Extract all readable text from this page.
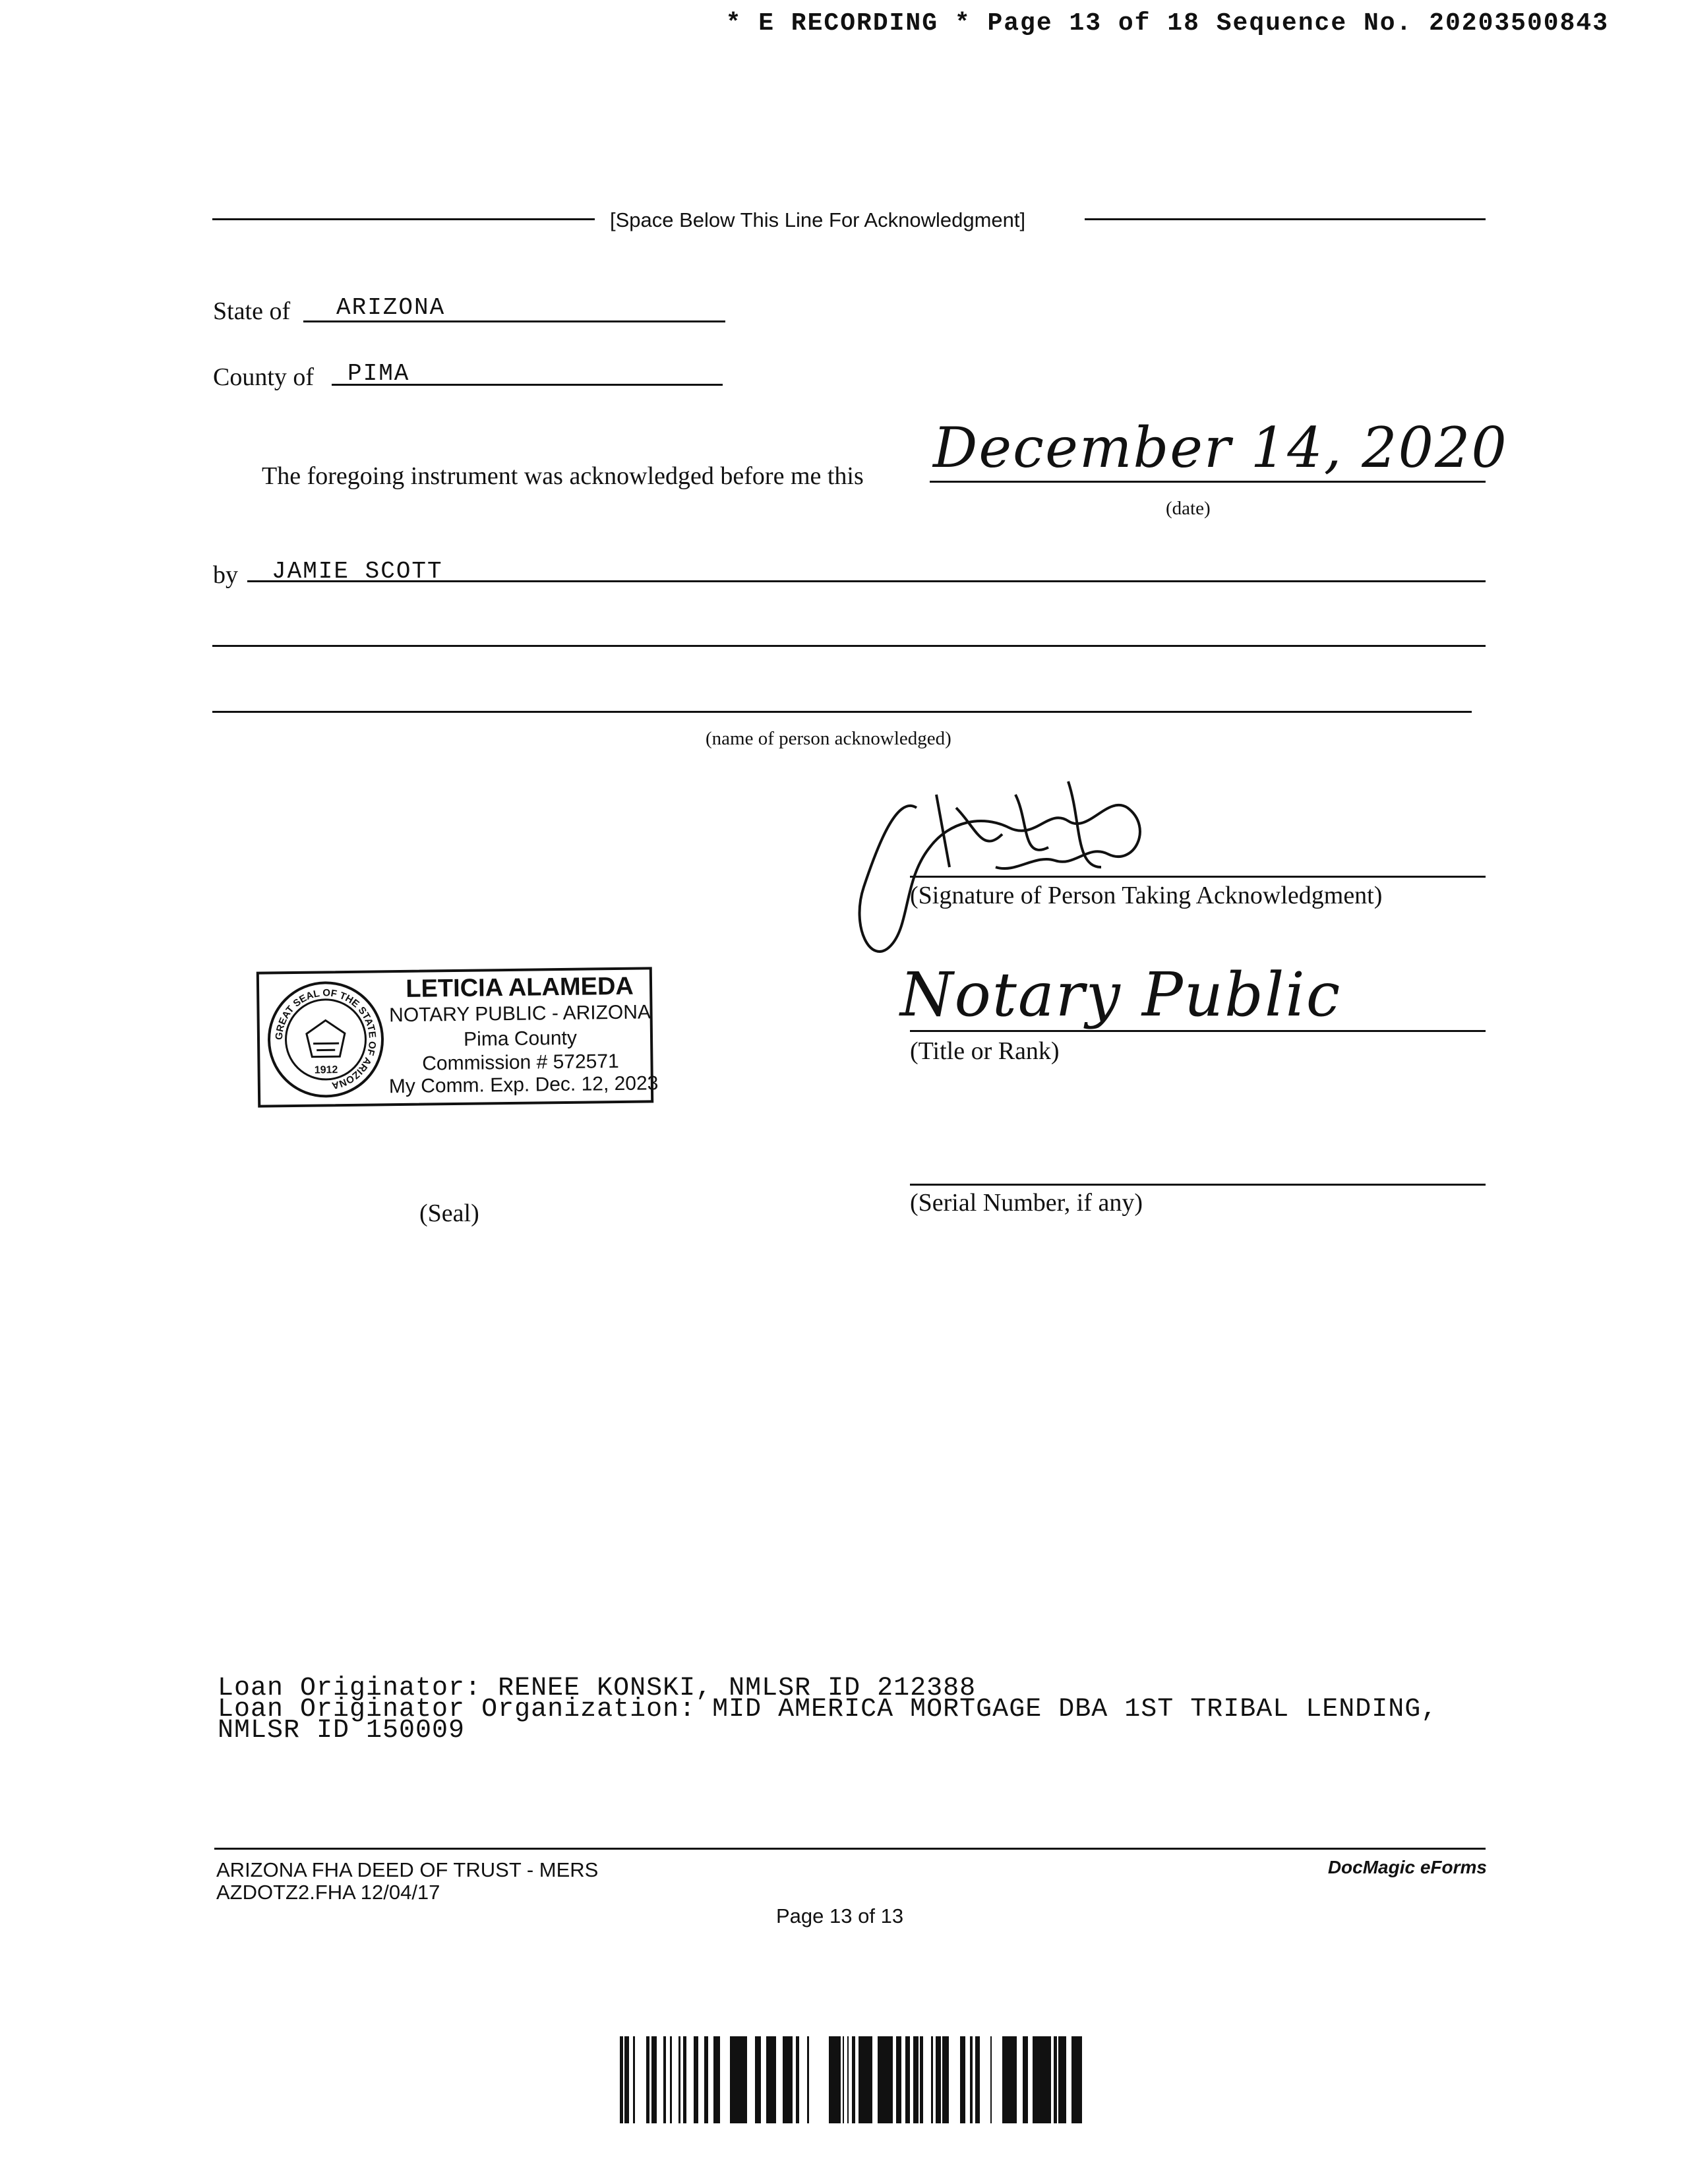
* E RECORDING * Page 13 of 18 Sequence No. 20203500843
[Space Below This Line For Acknowledgment]
State of ARIZONA
County of PIMA
The foregoing instrument was acknowledged before me this December 14, 2020
(date)
by JAMIE SCOTT
(name of person acknowledged)
(Signature of Person Taking Acknowledgment)
Notary Public
(Title or Rank)
GREAT SEAL OF THE STATE OF ARIZONA
1912
LETICIA ALAMEDA
NOTARY PUBLIC - ARIZONA
Pima County
Commission # 572571
My Comm. Exp. Dec. 12, 2023
(Serial Number, if any)
(Seal)
Loan Originator: RENEE KONSKI, NMLSR ID 212388
Loan Originator Organization: MID AMERICA MORTGAGE DBA 1ST TRIBAL LENDING,
NMLSR ID 150009
ARIZONA FHA DEED OF TRUST - MERS
AZDOTZ2.FHA 12/04/17
DocMagic eForms
Page 13 of 13
